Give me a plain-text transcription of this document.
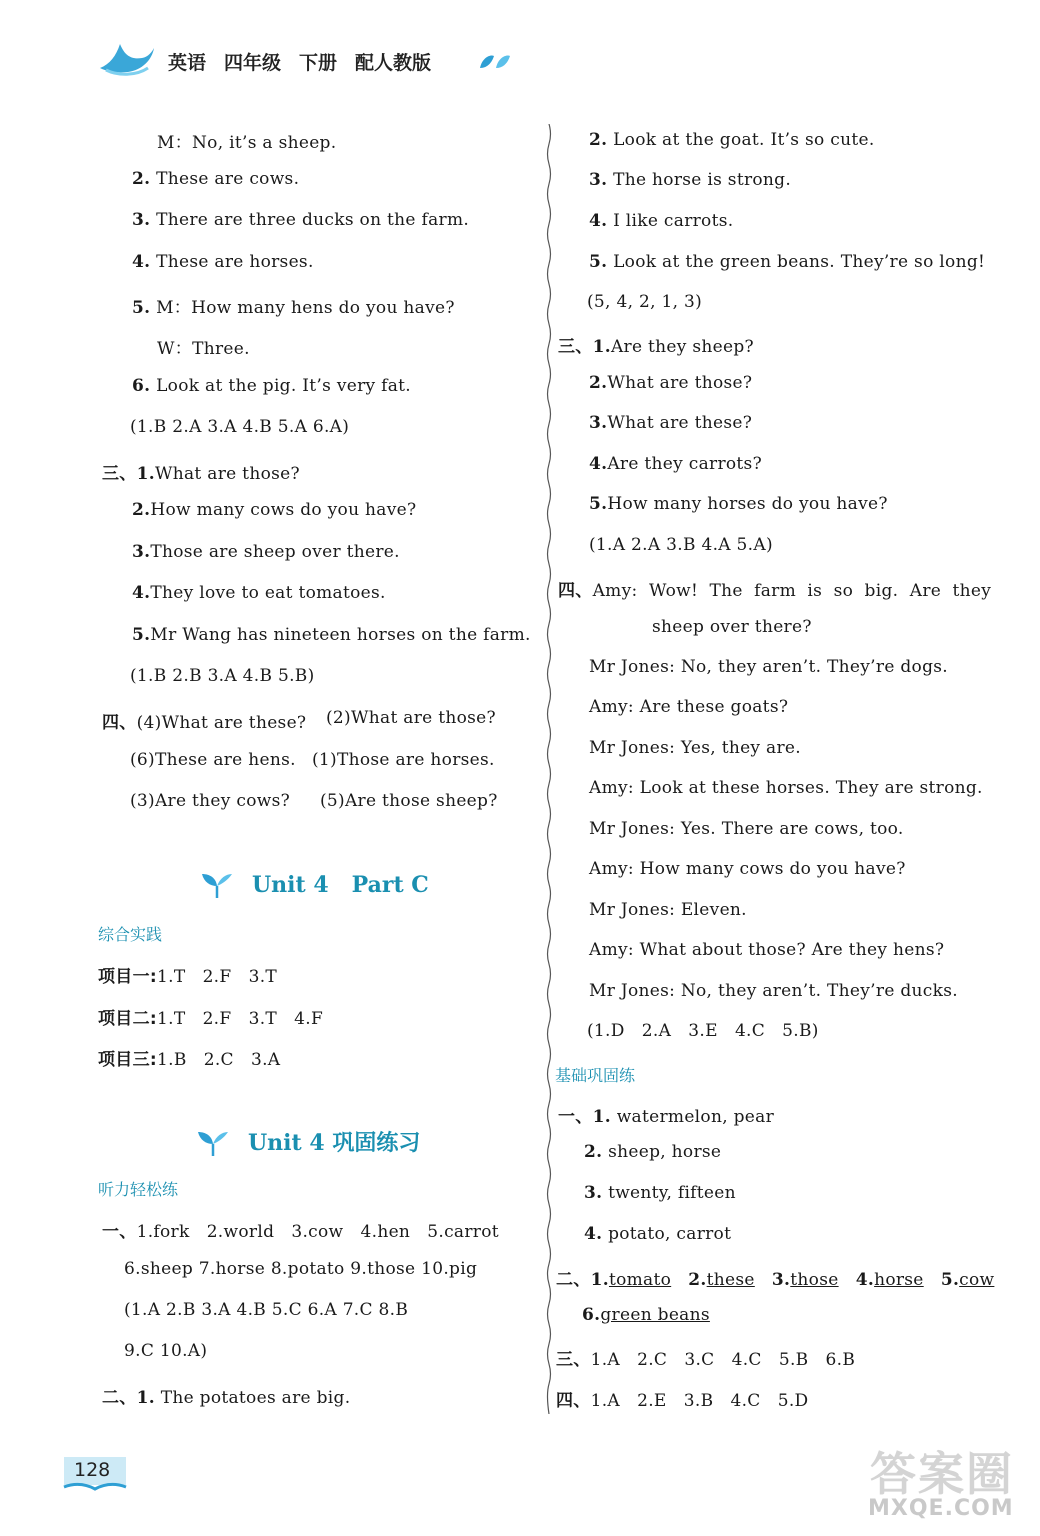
英语 四年级 下册 配人教版
M：No, it’s a sheep.
2. These are cows.
3. There are three ducks on the farm.
4. These are horses.
5. M：How many hens do you have?
W：Three.
6. Look at the pig. It’s very fat.
(1.B 2.A 3.A 4.B 5.A 6.A)
三、1.What are those?
2.How many cows do you have?
3.Those are sheep over there.
4.They love to eat tomatoes.
5.Mr Wang has nineteen horses on the farm.
(1.B 2.B 3.A 4.B 5.B)
四、(4)What are these? (2)What are those?
(6)These are hens. (1)Those are horses.
(3)Are they cows? (5)Are those sheep?
Unit 4   Part C
综合实践
项目一:1.T   2.F   3.T
项目二:1.T   2.F   3.T   4.F
项目三:1.B   2.C   3.A
Unit 4 巩固练习
听力轻松练
一、1.fork   2.world   3.cow   4.hen   5.carrot
6.sheep 7.horse 8.potato 9.those 10.pig
(1.A 2.B 3.A 4.B 5.C 6.A 7.C 8.B
9.C 10.A)
二、1. The potatoes are big.
2. Look at the goat. It’s so cute.
3. The horse is strong.
4. I like carrots.
5. Look at the green beans. They’re so long!
(5, 4, 2, 1, 3)
三、1.Are they sheep?
2.What are those?
3.What are these?
4.Are they carrots?
5.How many horses do you have?
(1.A 2.A 3.B 4.A 5.A)
四、Amy:  Wow!  The  farm  is  so  big.  Are  they
sheep over there?
Mr Jones: No, they aren’t. They’re dogs.
Amy: Are these goats?
Mr Jones: Yes, they are.
Amy: Look at these horses. They are strong.
Mr Jones: Yes. There are cows, too.
Amy: How many cows do you have?
Mr Jones: Eleven.
Amy: What about those? Are they hens?
Mr Jones: No, they aren’t. They’re ducks.
(1.D   2.A   3.E   4.C   5.B)
基础巩固练
一、1. watermelon, pear
2. sheep, horse
3. twenty, fifteen
4. potato, carrot
二、1.tomato 2.these 3.those 4.horse 5.cow
6.green beans
三、1.A   2.C   3.C   4.C   5.B   6.B
四、1.A   2.E   3.B   4.C   5.D
128	答案圈
MXQE.COM
